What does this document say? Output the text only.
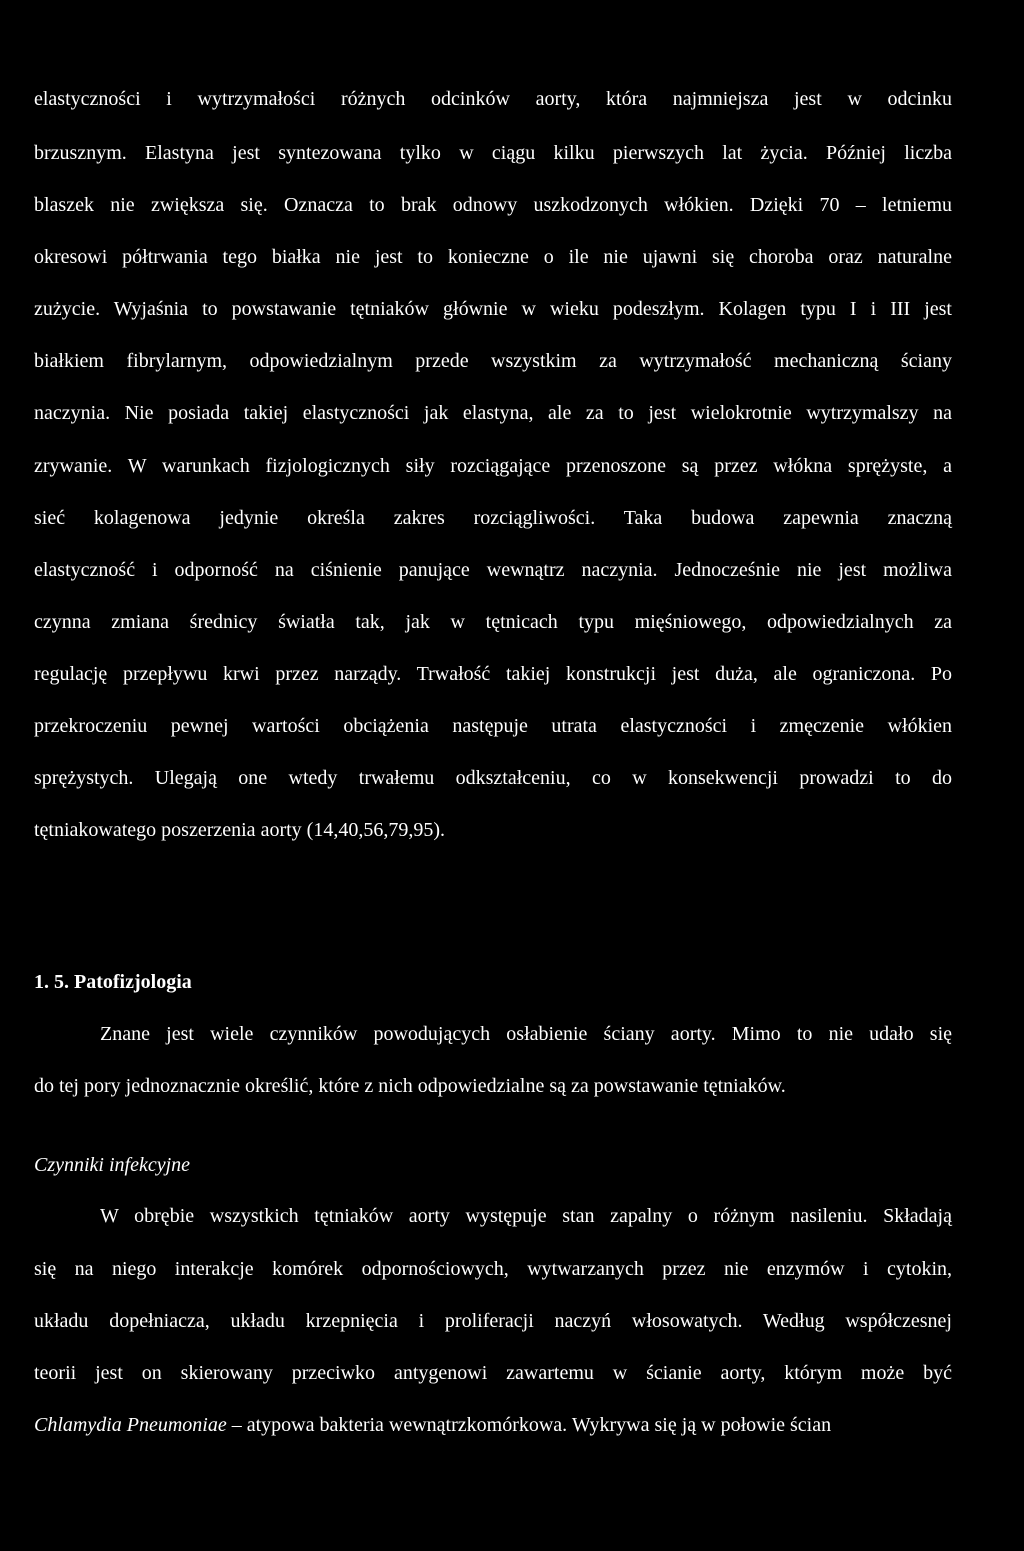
elastyczności i wytrzymałości różnych odcinków aorty, która najmniejsza jest w odcinku
brzusznym. Elastyna jest syntezowana tylko w ciągu kilku pierwszych lat życia. Później liczba
blaszek nie zwiększa się. Oznacza to brak odnowy uszkodzonych włókien. Dzięki 70 – letniemu
okresowi półtrwania tego białka nie jest to konieczne o ile nie ujawni się choroba oraz naturalne
zużycie. Wyjaśnia to powstawanie tętniaków głównie w wieku podeszłym. Kolagen typu I i III jest
białkiem fibrylarnym, odpowiedzialnym przede wszystkim za wytrzymałość mechaniczną ściany
naczynia. Nie posiada takiej elastyczności jak elastyna, ale za to jest wielokrotnie wytrzymalszy na
zrywanie. W warunkach fizjologicznych siły rozciągające przenoszone są przez włókna sprężyste, a
sieć kolagenowa jedynie określa zakres rozciągliwości. Taka budowa zapewnia znaczną
elastyczność i odporność na ciśnienie panujące wewnątrz naczynia. Jednocześnie nie jest możliwa
czynna zmiana średnicy światła tak, jak w tętnicach typu mięśniowego, odpowiedzialnych za
regulację przepływu krwi przez narządy. Trwałość takiej konstrukcji jest duża, ale ograniczona. Po
przekroczeniu pewnej wartości obciążenia następuje utrata elastyczności i zmęczenie włókien
sprężystych. Ulegają one wtedy trwałemu odkształceniu, co w konsekwencji prowadzi to do
tętniakowatego poszerzenia aorty (14,40,56,79,95).
1. 5. Patofizjologia
Znane jest wiele czynników powodujących osłabienie ściany aorty. Mimo to nie udało się
do tej pory jednoznacznie określić, które z nich odpowiedzialne są za powstawanie tętniaków.
Czynniki infekcyjne
W obrębie wszystkich tętniaków aorty występuje stan zapalny o różnym nasileniu. Składają
się na niego interakcje komórek odpornościowych, wytwarzanych przez nie enzymów i cytokin,
układu dopełniacza, układu krzepnięcia i proliferacji naczyń włosowatych. Według współczesnej
teorii jest on skierowany przeciwko antygenowi zawartemu w ścianie aorty, którym może być
Chlamydia Pneumoniae – atypowa bakteria wewnątrzkomórkowa. Wykrywa się ją w połowie ścian
